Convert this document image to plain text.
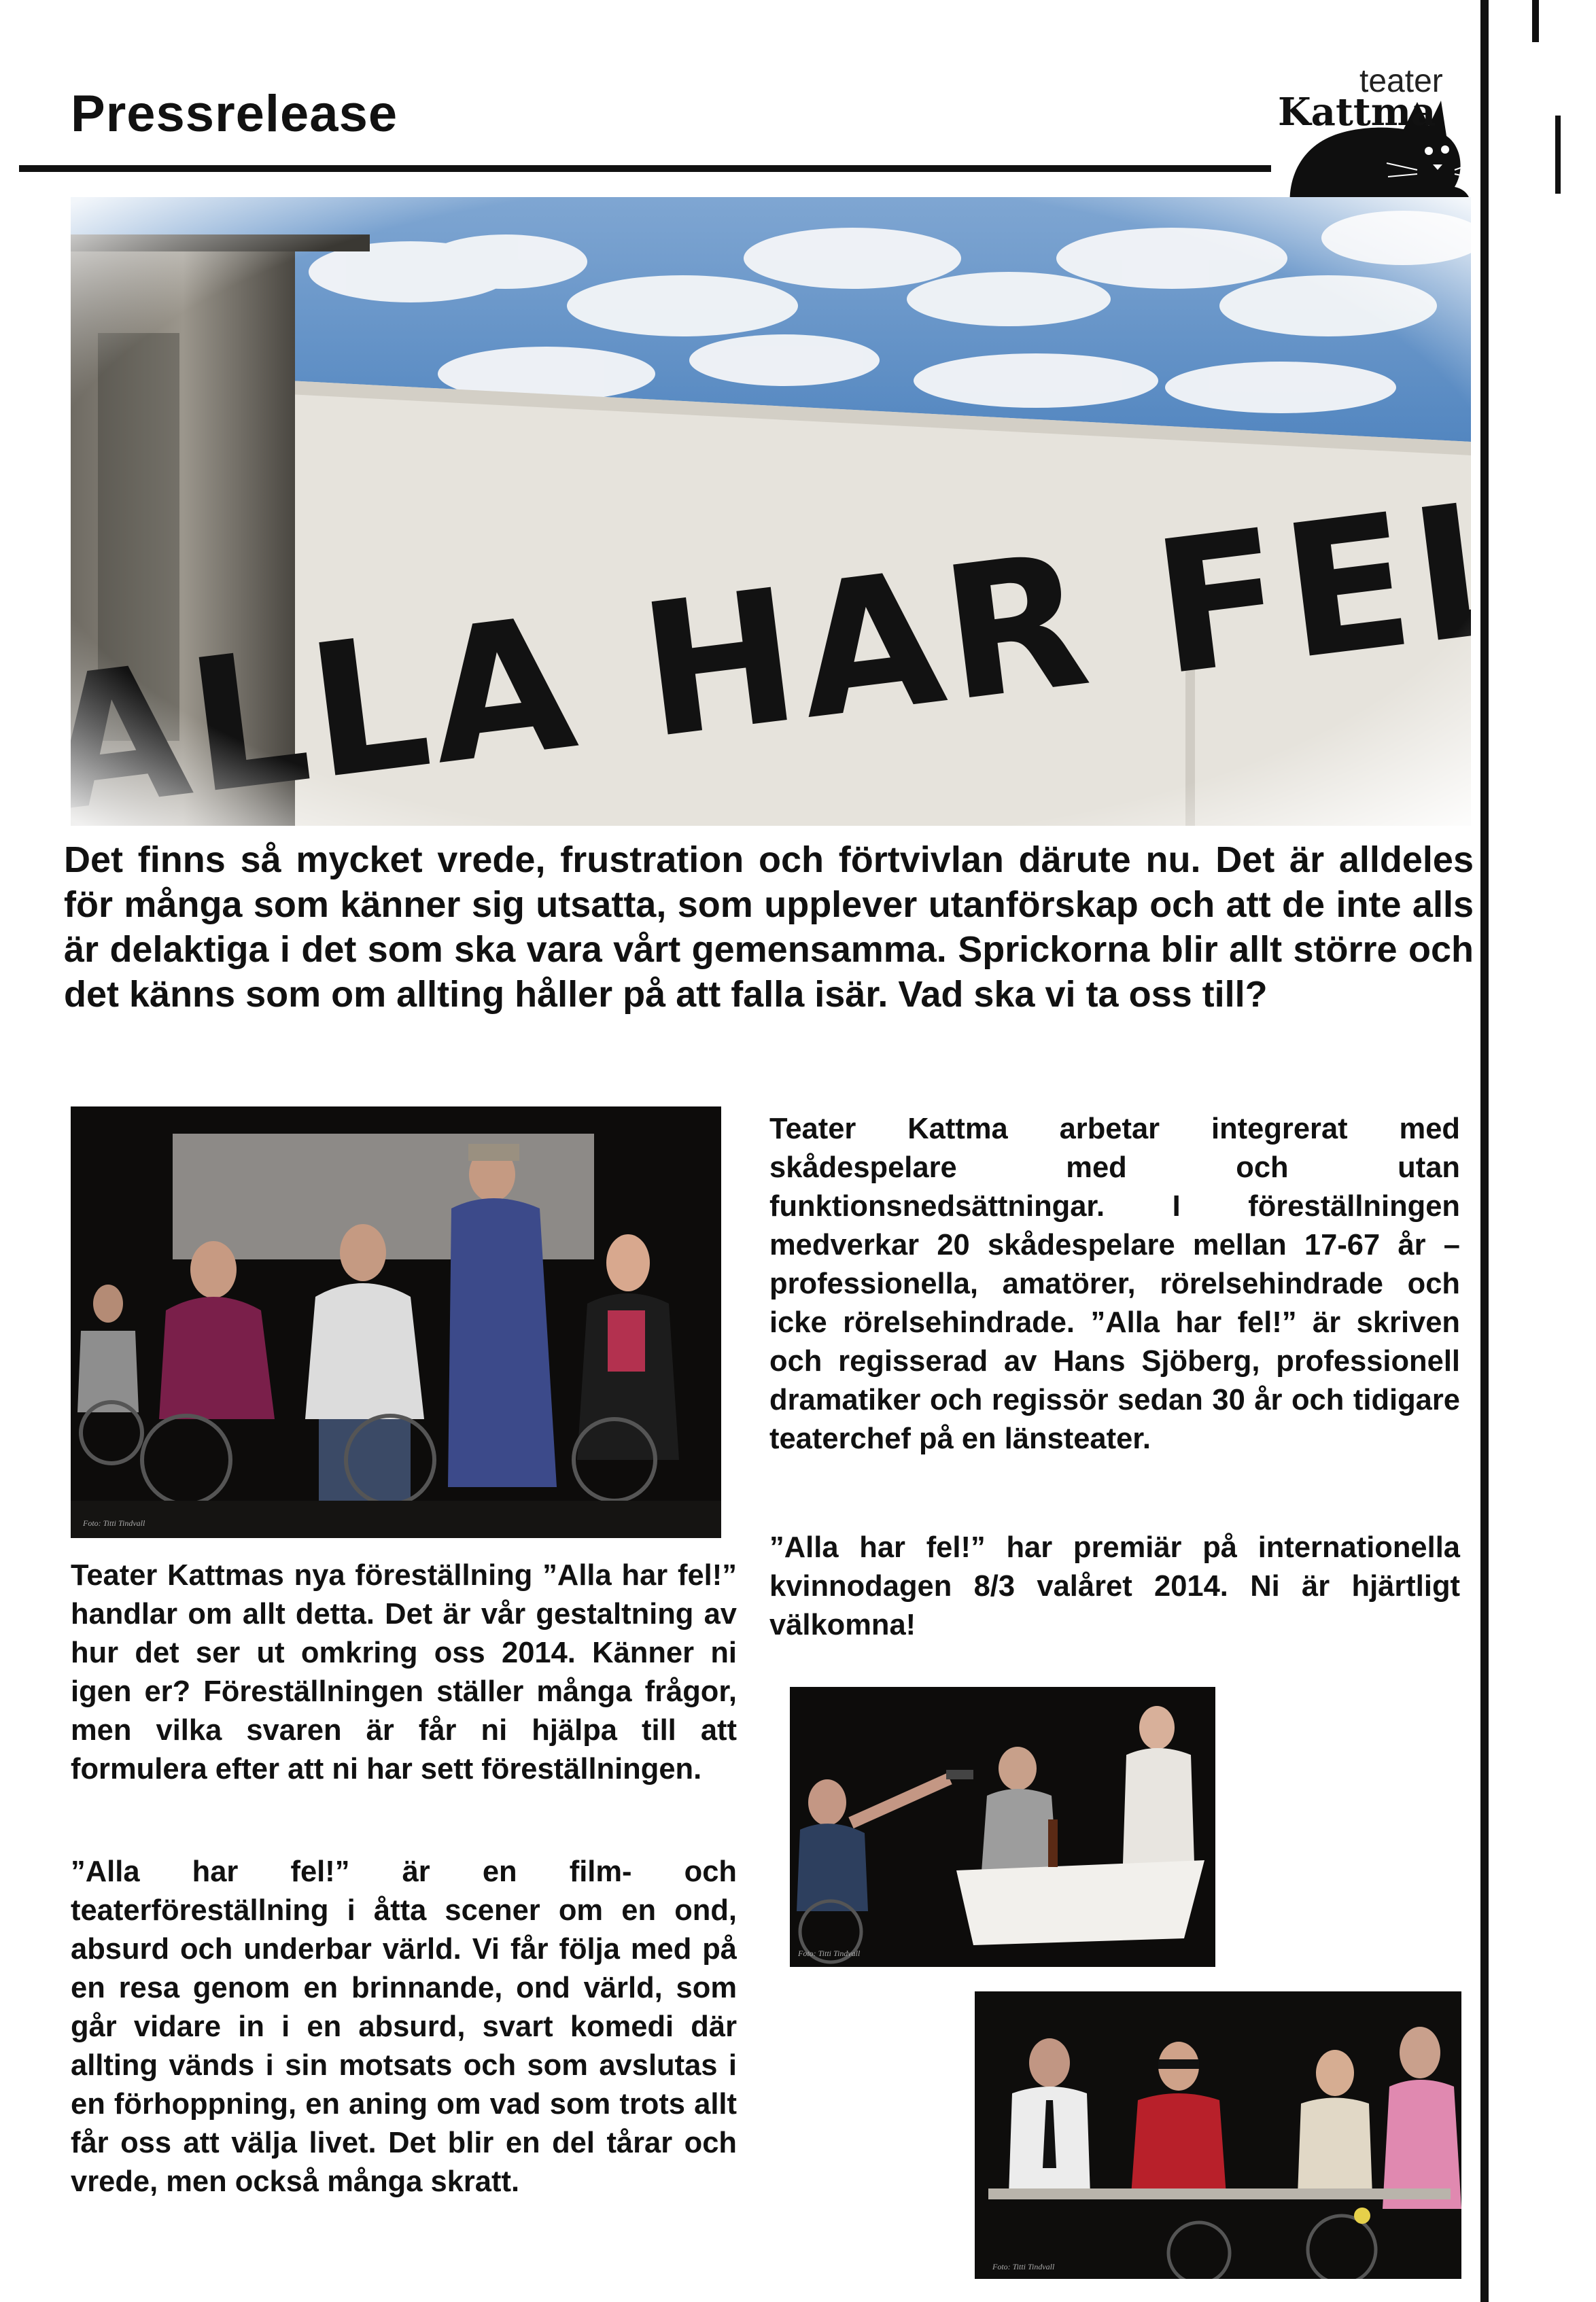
Pressrelease
teater
Kattma
Det finns så mycket vrede, frustration och förtvivlan därute nu. Det är alldeles för många som känner sig utsatta, som upplever utanförskap och att de inte alls är delaktiga i det som ska vara vårt gemensamma. Sprickorna blir allt större och det känns som om allting håller på att falla isär. Vad ska vi ta oss till?
Foto: Titti Tindvall
Foto: Titti Tindvall
Foto: Titti Tindvall
Teater Kattma arbetar integrerat med skådespelare med och utan funktionsnedsättningar. I föreställningen medverkar 20 skådespelare mellan 17-67 år – professionella, amatörer, rörelsehindrade och icke rörelsehindrade. ”Alla har fel!” är skriven och regisserad av Hans Sjöberg, professionell dramatiker och regissör sedan 30 år och tidigare teaterchef på en länsteater.
”Alla har fel!” har premiär på internationella kvinnodagen 8/3 valåret 2014. Ni är hjärtligt välkomna!
Teater Kattmas nya föreställning ”Alla har fel!” handlar om allt detta. Det är vår gestaltning av hur det ser ut omkring oss 2014. Känner ni igen er? Föreställningen ställer många frågor, men vilka svaren är får ni hjälpa till att formulera efter att ni har sett föreställningen.
”Alla har fel!” är en film- och teaterföreställning i åtta scener om en ond, absurd och underbar värld. Vi får följa med på en resa genom en brinnande, ond värld, som går vidare in i en absurd, svart komedi där allting vänds i sin motsats och som avslutas i en förhoppning, en aning om vad som trots allt får oss att välja livet. Det blir en del tårar och vrede, men också många skratt.
